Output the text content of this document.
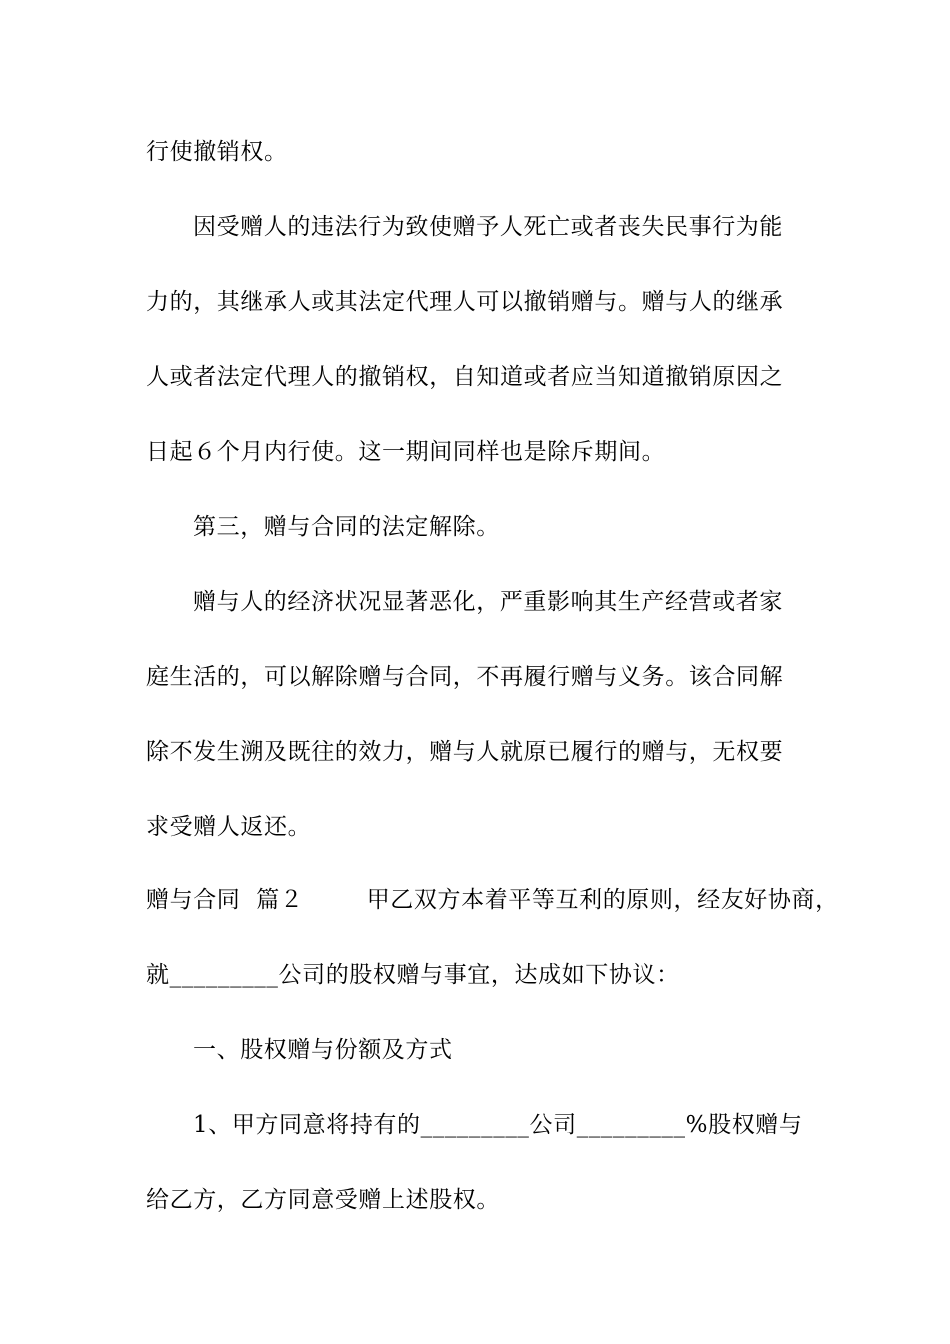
行使撤销权。
因受赠人的违法行为致使赠予人死亡或者丧失民事行为能
力的，其继承人或其法定代理人可以撤销赠与。赠与人的继承
人或者法定代理人的撤销权，自知道或者应当知道撤销原因之
日起６个月内行使。这一期间同样也是除斥期间。
第三，赠与合同的法定解除。
赠与人的经济状况显著恶化，严重影响其生产经营或者家
庭生活的，可以解除赠与合同，不再履行赠与义务。该合同解
除不发生溯及既往的效力，赠与人就原已履行的赠与，无权要
求受赠人返还。
赠与合同  篇２        甲乙双方本着平等互利的原则，经友好协商，
就_________公司的股权赠与事宜，达成如下协议：
一、股权赠与份额及方式
1、甲方同意将持有的_________公司_________%股权赠与
给乙方，乙方同意受赠上述股权。
